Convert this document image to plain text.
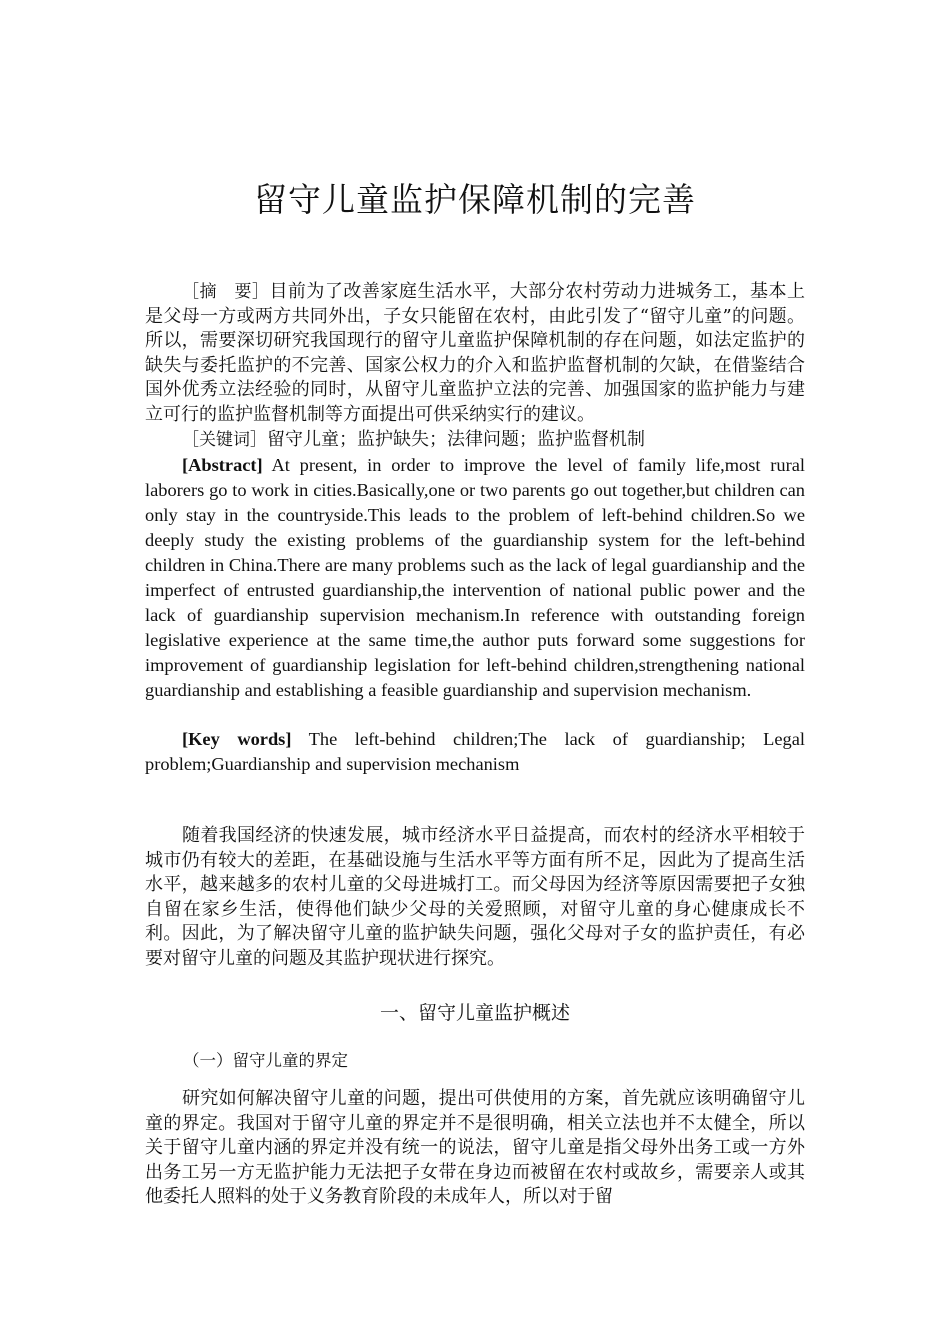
留守儿童监护保障机制的完善

［摘　要］目前为了改善家庭生活水平，大部分农村劳动力进城务工，基本上是父母一方或两方共同外出，子女只能留在农村，由此引发了“留守儿童”的问题。所以，需要深切研究我国现行的留守儿童监护保障机制的存在问题，如法定监护的缺失与委托监护的不完善、国家公权力的介入和监护监督机制的欠缺，在借鉴结合国外优秀立法经验的同时，从留守儿童监护立法的完善、加强国家的监护能力与建立可行的监护监督机制等方面提出可供采纳实行的建议。

［关键词］留守儿童；监护缺失；法律问题；监护监督机制

[Abstract] At present, in order to improve the level of family life,most rural laborers go to work in cities.Basically,one or two parents go out together,but children can only stay in the countryside.This leads to the problem of left-behind children.So we deeply study the existing problems of the guardianship system for the left-behind children in China.There are many problems such as the lack of legal guardianship and the imperfect of entrusted guardianship,the intervention of national public power and the lack of guardianship supervision mechanism.In reference with outstanding foreign legislative experience at the same time,the author puts forward some suggestions for improvement of guardianship legislation for left-behind children,strengthening national guardianship and establishing a feasible guardianship and supervision mechanism.

[Key words] The left-behind children;The lack of guardianship; Legal problem;Guardianship and supervision mechanism

随着我国经济的快速发展，城市经济水平日益提高，而农村的经济水平相较于城市仍有较大的差距，在基础设施与生活水平等方面有所不足，因此为了提高生活水平，越来越多的农村儿童的父母进城打工。而父母因为经济等原因需要把子女独自留在家乡生活，使得他们缺少父母的关爱照顾，对留守儿童的身心健康成长不利。因此，为了解决留守儿童的监护缺失问题，强化父母对子女的监护责任，有必要对留守儿童的问题及其监护现状进行探究。

一、留守儿童监护概述
（一）留守儿童的界定

研究如何解决留守儿童的问题，提出可供使用的方案，首先就应该明确留守儿童的界定。我国对于留守儿童的界定并不是很明确，相关立法也并不太健全，所以关于留守儿童内涵的界定并没有统一的说法，留守儿童是指父母外出务工或一方外出务工另一方无监护能力无法把子女带在身边而被留在农村或故乡，需要亲人或其他委托人照料的处于义务教育阶段的未成年人，所以对于留
